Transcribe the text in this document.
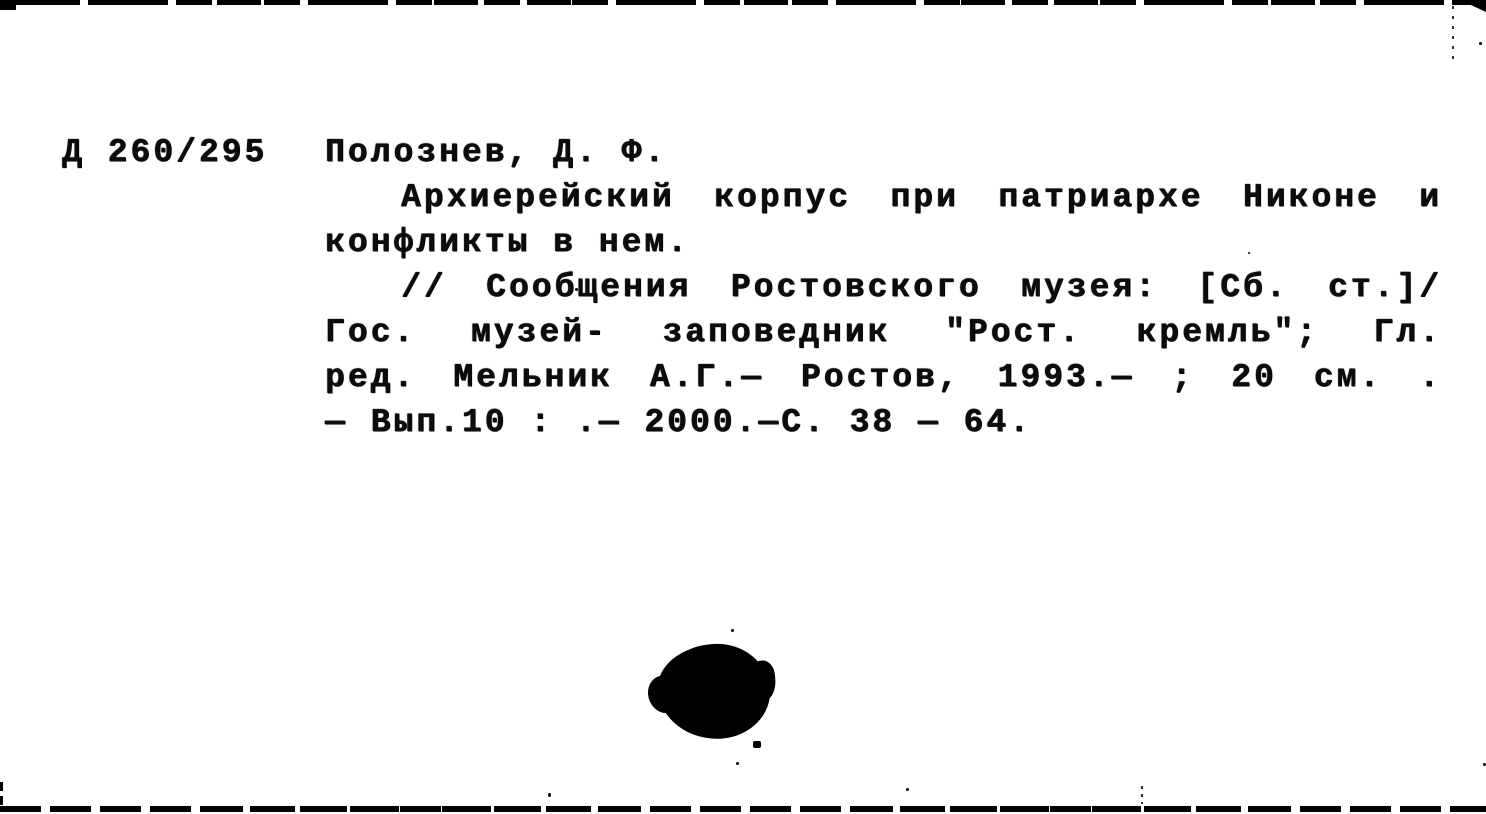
Д 260/295 Полознев, Д. Ф.
Архиерейский корпус при патриархе Никоне и
конфликты в нем.
// Сообщения Ростовского музея: [Сб. ст.]/
Гос. музей- заповедник "Рост. кремль"; Гл.
ред. Мельник А.Г.— Ростов, 1993.— ; 20 см. .
— Вып.10 : .— 2000.—С. 38 — 64.
